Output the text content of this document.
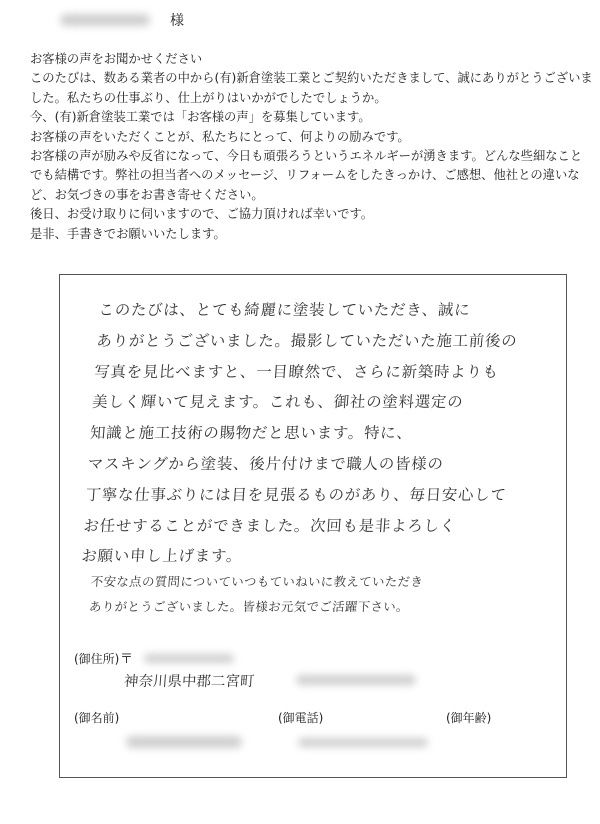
様

お客様の声をお聞かせください

このたびは、数ある業者の中から(有)新倉塗装工業とご契約いただきまして、誠にありがとうございま

した。私たちの仕事ぶり、仕上がりはいかがでしたでしょうか。

今、(有)新倉塗装工業では「お客様の声」を募集しています。

お客様の声をいただくことが、私たちにとって、何よりの励みです。

お客様の声が励みや反省になって、今日も頑張ろうというエネルギーが湧きます。どんな些細なこと

でも結構です。弊社の担当者へのメッセージ、リフォームをしたきっかけ、ご感想、他社との違いな

ど、お気づきの事をお書き寄せください。

後日、お受け取りに伺いますので、ご協力頂ければ幸いです。

是非、手書きでお願いいたします。

このたびは、とても綺麗に塗装していただき、誠に

ありがとうございました。撮影していただいた施工前後の

写真を見比べますと、一目瞭然で、さらに新築時よりも

美しく輝いて見えます。これも、御社の塗料選定の

知識と施工技術の賜物だと思います。特に、

マスキングから塗装、後片付けまで職人の皆様の

丁寧な仕事ぶりには目を見張るものがあり、毎日安心して

お任せすることができました。次回も是非よろしく

お願い申し上げます。

不安な点の質問についていつもていねいに教えていただき

ありがとうございました。皆様お元気でご活躍下さい。

(御住所) 〒
神奈川県中郡二宮町
(御名前)	(御電話)	(御年齢)
